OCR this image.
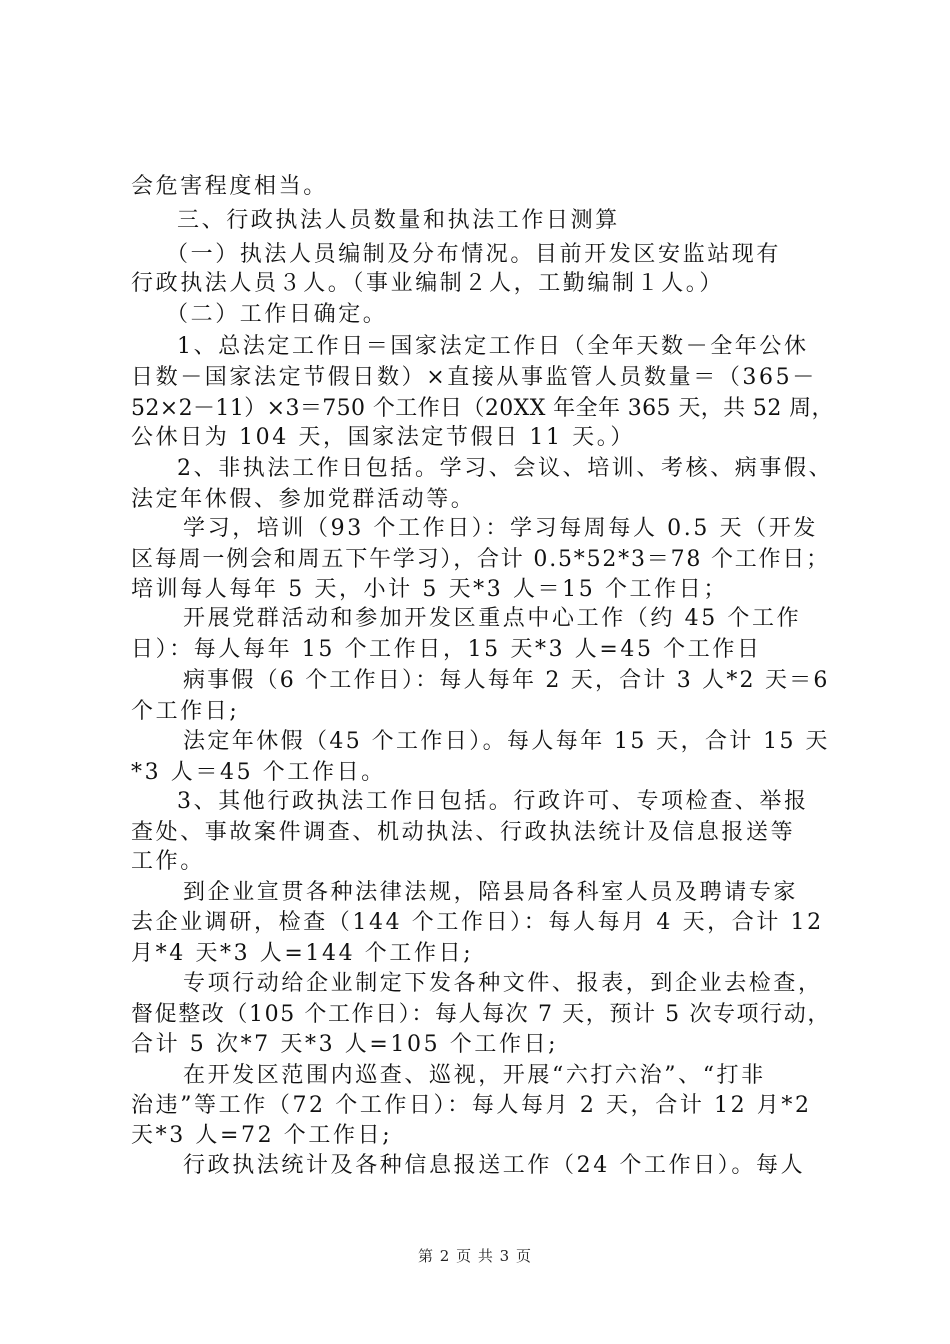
会危害程度相当。
三、行政执法人员数量和执法工作日测算
（一）执法人员编制及分布情况。目前开发区安监站现有
行政执法人员３人。（事业编制２人，工勤编制１人。）
（二）工作日确定。
1、总法定工作日＝国家法定工作日（全年天数－全年公休
日数－国家法定节假日数）×直接从事监管人员数量＝（365－
52×2－11）×3＝750 个工作日（20XX 年全年 365 天，共 52 周，
公休日为 104 天，国家法定节假日 11 天。）
2、非执法工作日包括。学习、会议、培训、考核、病事假、
法定年休假、参加党群活动等。
学习，培训（93 个工作日）：学习每周每人 0.5 天（开发
区每周一例会和周五下午学习），合计 0.5*52*3＝78 个工作日；
培训每人每年 5 天，小计 5 天*3 人＝15 个工作日；
开展党群活动和参加开发区重点中心工作（约 45 个工作
日）：每人每年 15 个工作日，15 天*3 人=45 个工作日
病事假（6 个工作日）：每人每年 2 天，合计 3 人*2 天＝6
个工作日;
法定年休假（45 个工作日）。每人每年 15 天，合计 15 天
*3 人＝45 个工作日。
3、其他行政执法工作日包括。行政许可、专项检查、举报
查处、事故案件调查、机动执法、行政执法统计及信息报送等
工作。
到企业宣贯各种法律法规，陪县局各科室人员及聘请专家
去企业调研，检查（144 个工作日）：每人每月 4 天，合计 12
月*4 天*3 人=144 个工作日;
专项行动给企业制定下发各种文件、报表，到企业去检查，
督促整改（105 个工作日）：每人每次 7 天，预计 5 次专项行动，
合计 5 次*7 天*3 人=105 个工作日;
在开发区范围内巡查、巡视，开展“六打六治”、“打非
治违”等工作（72 个工作日）：每人每月 2 天，合计 12 月*2
天*3 人=72 个工作日;
行政执法统计及各种信息报送工作（24 个工作日）。每人
第 2 页 共 3 页
